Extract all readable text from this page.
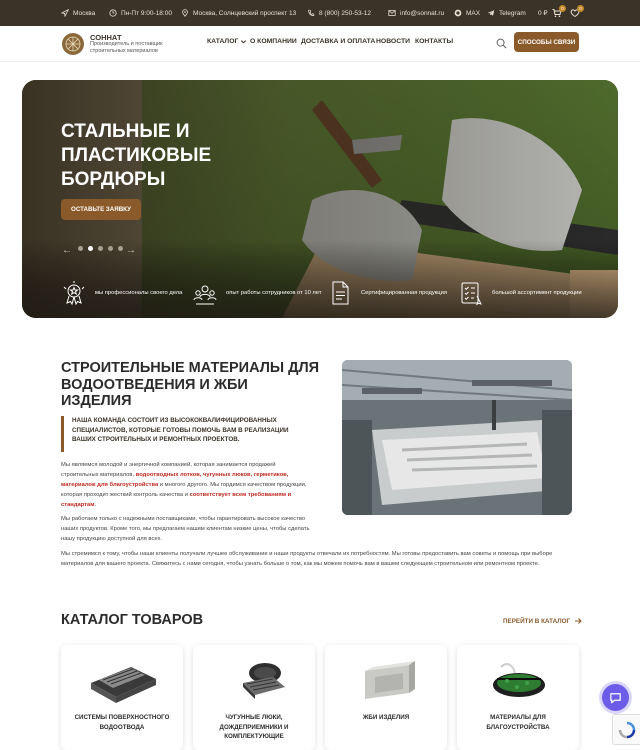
Москва	Пн-Пт 9:00-18:00	Москва, Солнцевский проспект 13	8 (800) 250-53-12	info@sonnat.ru	MAX	Telegram 0 ₽
0	0
СОННАТ
Производитель и поставщик строительных материалов
КАТАЛОГ О КОМПАНИИ ДОСТАВКА И ОПЛАТА НОВОСТИ КОНТАКТЫ	СПОСОБЫ СВЯЗИ
СТАЛЬНЫЕ И ПЛАСТИКОВЫЕ БОРДЮРЫ
ОСТАВЬТЕ ЗАЯВКУ
←	→
мы профессионалы своего дела	опыт работы сотрудников от 10 лет	Сертифицированная продукция	большой ассортимент продукции
СТРОИТЕЛЬНЫЕ МАТЕРИАЛЫ ДЛЯ ВОДООТВЕДЕНИЯ И ЖБИ ИЗДЕЛИЯ
НАША КОМАНДА СОСТОИТ ИЗ ВЫСОКОКВАЛИФИЦИРОВАННЫХ СПЕЦИАЛИСТОВ, КОТОРЫЕ ГОТОВЫ ПОМОЧЬ ВАМ В РЕАЛИЗАЦИИ ВАШИХ СТРОИТЕЛЬНЫХ И РЕМОНТНЫХ ПРОЕКТОВ.
Мы являемся молодой и энергичной компанией, которая занимается продажей строительных материалов, водоотводных лотков, чугунных люков, герметиков, материалов для благоустройства и многого другого. Мы гордимся качеством продукции, которая проходит жесткий контроль качества и соответствует всем требованиям и стандартам.
Мы работаем только с надежными поставщиками, чтобы гарантировать высокое качество наших продуктов. Кроме того, мы предлагаем нашим клиентам низкие цены, чтобы сделать нашу продукцию доступной для всех.
Мы стремимся к тому, чтобы наши клиенты получали лучшее обслуживание и наши продукты отвечали их потребностям. Мы готовы предоставить вам советы и помощь при выборе материалов для вашего проекта. Свяжитесь с нами сегодня, чтобы узнать больше о том, как мы можем помочь вам в вашем следующем строительном или ремонтном проекте.
КАТАЛОГ ТОВАРОВ	ПЕРЕЙТИ В КАТАЛОГ
СИСТЕМЫ ПОВЕРХНОСТНОГО ВОДООТВОДА
ЧУГУННЫЕ ЛЮКИ, ДОЖДЕПРИЕМНИКИ И КОМПЛЕКТУЮЩИЕ
ЖБИ ИЗДЕЛИЯ	МАТЕРИАЛЫ ДЛЯ БЛАГОУСТРОЙСТВА
